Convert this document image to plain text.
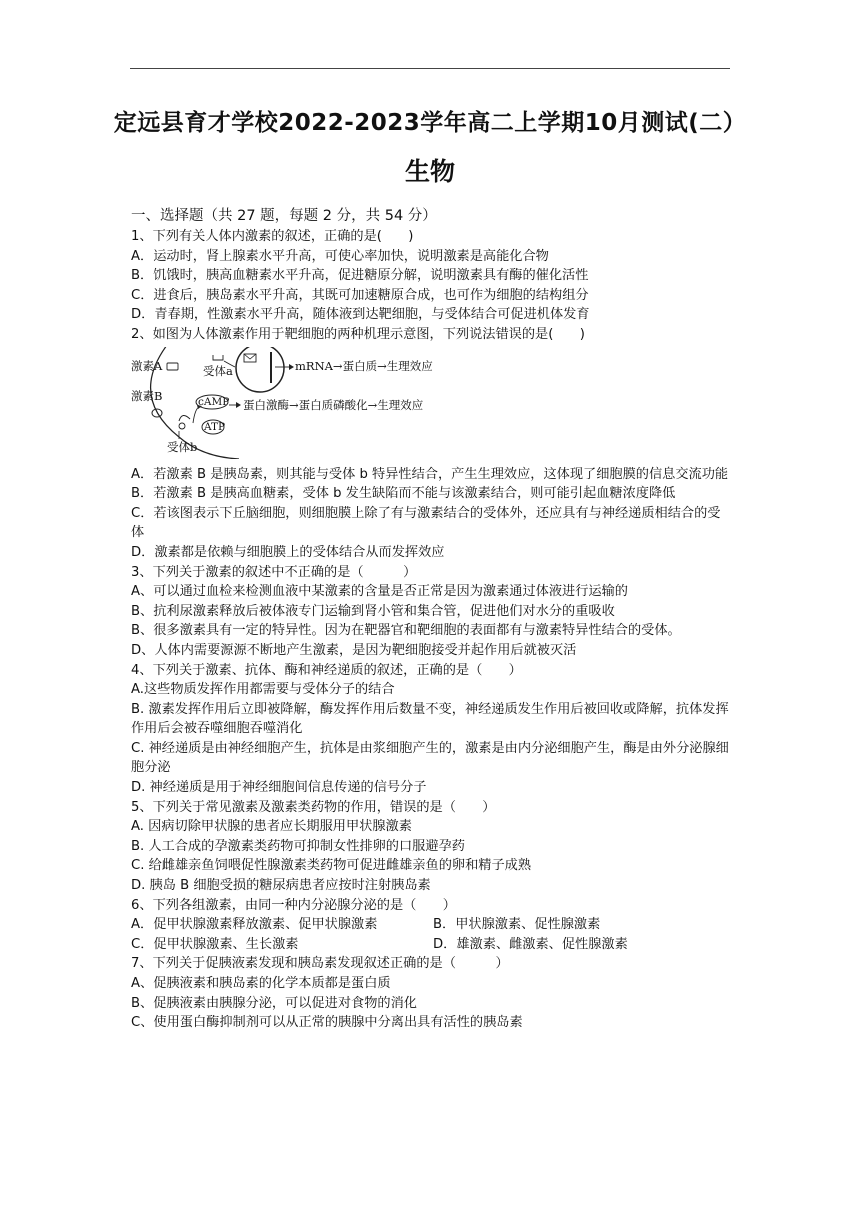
定远县育才学校2022-2023学年高二上学期10月测试(二）
生物
一、选择题（共 27 题，每题 2 分，共 54 分）
1、下列有关人体内激素的叙述，正确的是(　　)
A．运动时，肾上腺素水平升高，可使心率加快，说明激素是高能化合物
B．饥饿时，胰高血糖素水平升高，促进糖原分解，说明激素具有酶的催化活性
C．进食后，胰岛素水平升高，其既可加速糖原合成，也可作为细胞的结构组分
D．青春期，性激素水平升高，随体液到达靶细胞，与受体结合可促进机体发育
2、如图为人体激素作用于靶细胞的两种机理示意图，下列说法错误的是(　　)
激素A	受体a	mRNA→蛋白质→生理效应
激素B	cAMP
ATP
蛋白激酶→蛋白质磷酸化→生理效应
受体b
A．若激素 B 是胰岛素，则其能与受体 b 特异性结合，产生生理效应，这体现了细胞膜的信息交流功能
B．若激素 B 是胰高血糖素，受体 b 发生缺陷而不能与该激素结合，则可能引起血糖浓度降低
C．若该图表示下丘脑细胞，则细胞膜上除了有与激素结合的受体外，还应具有与神经递质相结合的受体
D．激素都是依赖与细胞膜上的受体结合从而发挥效应
3、下列关于激素的叙述中不正确的是（　　　）
A、可以通过血检来检测血液中某激素的含量是否正常是因为激素通过体液进行运输的
B、抗利尿激素释放后被体液专门运输到肾小管和集合管，促进他们对水分的重吸收
B、很多激素具有一定的特异性。因为在靶器官和靶细胞的表面都有与激素特异性结合的受体。
D、人体内需要源源不断地产生激素，是因为靶细胞接受并起作用后就被灭活
4、下列关于激素、抗体、酶和神经递质的叙述，正确的是（　　）
A.这些物质发挥作用都需要与受体分子的结合
B. 激素发挥作用后立即被降解，酶发挥作用后数量不变，神经递质发生作用后被回收或降解，抗体发挥作用后会被吞噬细胞吞噬消化
C. 神经递质是由神经细胞产生，抗体是由浆细胞产生的，激素是由内分泌细胞产生，酶是由外分泌腺细胞分泌
D. 神经递质是用于神经细胞间信息传递的信号分子
5、下列关于常见激素及激素类药物的作用，错误的是（　　）
A. 因病切除甲状腺的患者应长期服用甲状腺激素
B. 人工合成的孕激素类药物可抑制女性排卵的口服避孕药
C. 给雌雄亲鱼饲喂促性腺激素类药物可促进雌雄亲鱼的卵和精子成熟
D. 胰岛 B 细胞受损的糖尿病患者应按时注射胰岛素
6、下列各组激素，由同一种内分泌腺分泌的是（　　）
A．促甲状腺激素释放激素、促甲状腺激素	B．甲状腺激素、促性腺激素
C．促甲状腺激素、生长激素	D．雄激素、雌激素、促性腺激素
7、下列关于促胰液素发现和胰岛素发现叙述正确的是（　　　）
A、促胰液素和胰岛素的化学本质都是蛋白质
B、促胰液素由胰腺分泌，可以促进对食物的消化
C、使用蛋白酶抑制剂可以从正常的胰腺中分离出具有活性的胰岛素
